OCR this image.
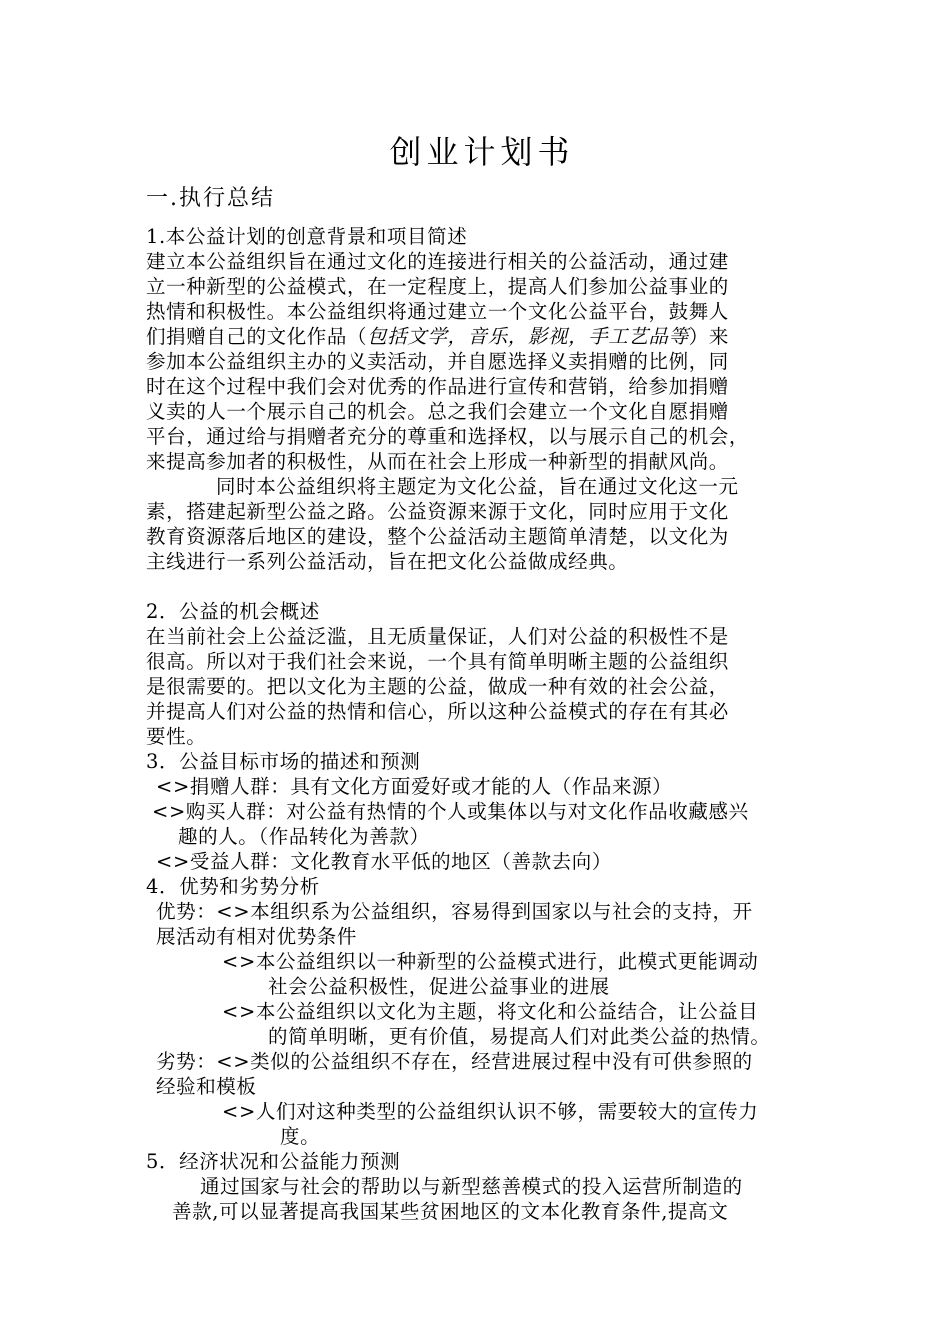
创业计划书
一.执行总结
1.本公益计划的创意背景和项目简述
建立本公益组织旨在通过文化的连接进行相关的公益活动，通过建
立一种新型的公益模式，在一定程度上，提高人们参加公益事业的
热情和积极性。本公益组织将通过建立一个文化公益平台，鼓舞人
们捐赠自己的文化作品（包括文学，音乐，影视，手工艺品等）来
参加本公益组织主办的义卖活动，并自愿选择义卖捐赠的比例，同
时在这个过程中我们会对优秀的作品进行宣传和营销，给参加捐赠
义卖的人一个展示自己的机会。总之我们会建立一个文化自愿捐赠
平台，通过给与捐赠者充分的尊重和选择权，以与展示自己的机会，
来提高参加者的积极性，从而在社会上形成一种新型的捐献风尚。
同时本公益组织将主题定为文化公益，旨在通过文化这一元
素，搭建起新型公益之路。公益资源来源于文化，同时应用于文化
教育资源落后地区的建设，整个公益活动主题简单清楚，以文化为
主线进行一系列公益活动，旨在把文化公益做成经典。
2．公益的机会概述
在当前社会上公益泛滥，且无质量保证，人们对公益的积极性不是
很高。所以对于我们社会来说，一个具有简单明晰主题的公益组织
是很需要的。把以文化为主题的公益，做成一种有效的社会公益，
并提高人们对公益的热情和信心，所以这种公益模式的存在有其必
要性。
3．公益目标市场的描述和预测
<>捐赠人群：具有文化方面爱好或才能的人（作品来源）
<>购买人群：对公益有热情的个人或集体以与对文化作品收藏感兴
趣的人。（作品转化为善款）
<>受益人群：文化教育水平低的地区（善款去向）
4．优势和劣势分析
优势：<>本组织系为公益组织，容易得到国家以与社会的支持，开
展活动有相对优势条件
<>本公益组织以一种新型的公益模式进行，此模式更能调动
社会公益积极性，促进公益事业的进展
<>本公益组织以文化为主题，将文化和公益结合，让公益目
的简单明晰，更有价值，易提高人们对此类公益的热情。
劣势：<>类似的公益组织不存在，经营进展过程中没有可供参照的
经验和模板
<>人们对这种类型的公益组织认识不够，需要较大的宣传力
度。
5．经济状况和公益能力预测
通过国家与社会的帮助以与新型慈善模式的投入运营所制造的
善款,可以显著提高我国某些贫困地区的文本化教育条件,提高文
